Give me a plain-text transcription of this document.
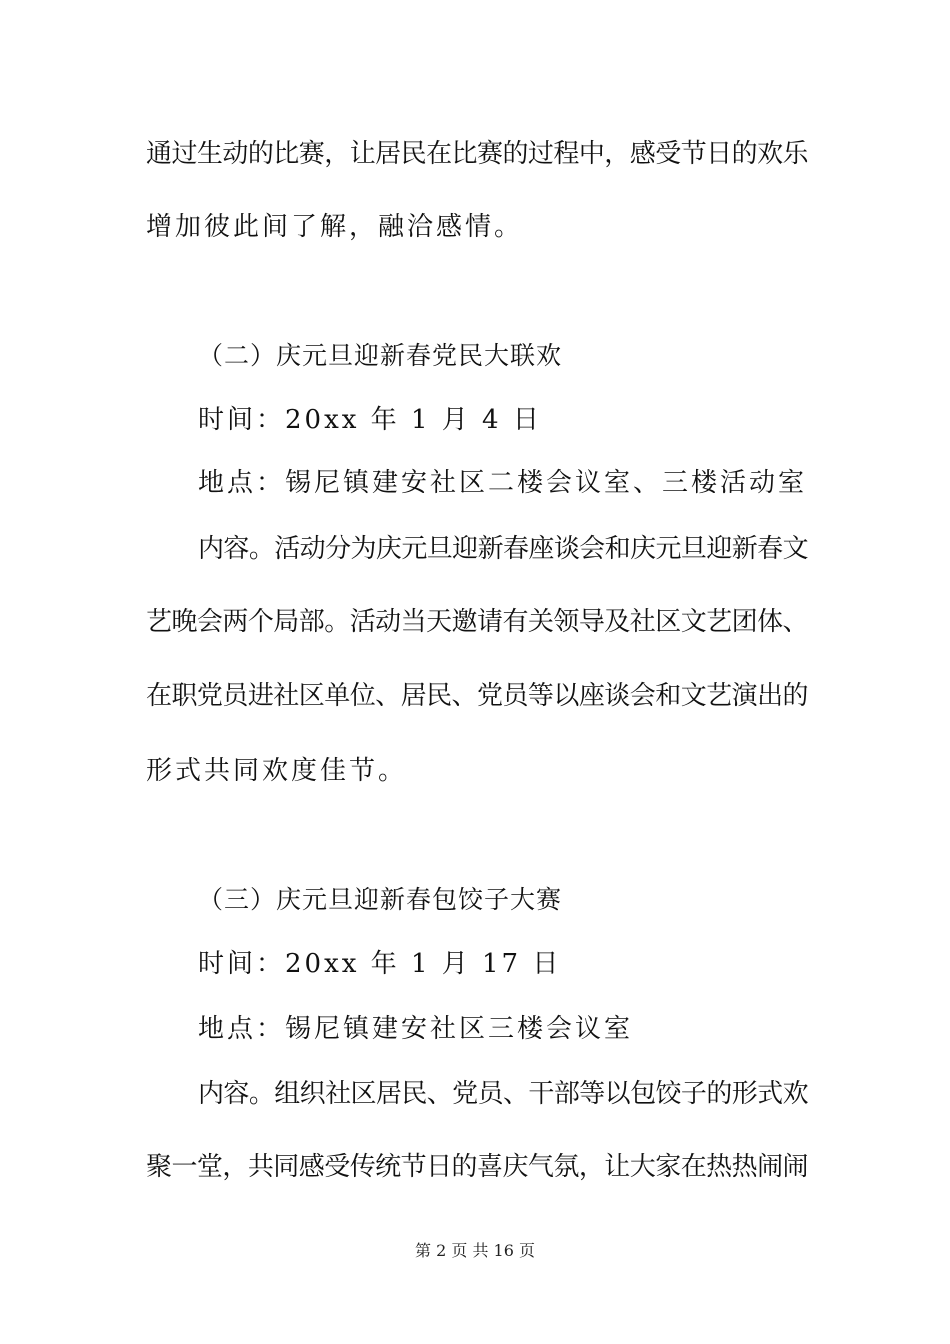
通过生动的比赛，让居民在比赛的过程中，感受节日的欢乐
增加彼此间了解，融洽感情。
（二）庆元旦迎新春党民大联欢
时间：20xx 年 1 月 4 日
地点：锡尼镇建安社区二楼会议室、三楼活动室
内容。活动分为庆元旦迎新春座谈会和庆元旦迎新春文
艺晚会两个局部。活动当天邀请有关领导及社区文艺团体、
在职党员进社区单位、居民、党员等以座谈会和文艺演出的
形式共同欢度佳节。
（三）庆元旦迎新春包饺子大赛
时间：20xx 年 1 月 17 日
地点：锡尼镇建安社区三楼会议室
内容。组织社区居民、党员、干部等以包饺子的形式欢
聚一堂，共同感受传统节日的喜庆气氛，让大家在热热闹闹
第 2 页 共 16 页
